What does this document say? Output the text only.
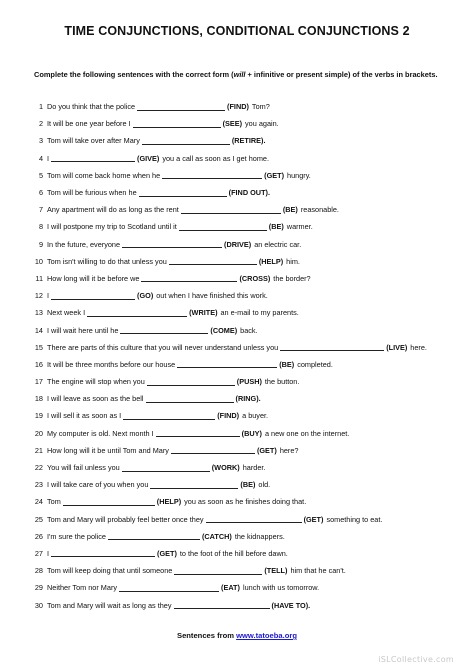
TIME CONJUNCTIONS, CONDITIONAL CONJUNCTIONS 2
Complete the following sentences with the correct form (will + infinitive or present simple) of the verbs in brackets.
1 Do you think that the police	(FIND) Tom?
2 It will be one year before I	(SEE) you again.
3 Tom will take over after Mary	(RETIRE).
4 I	(GIVE) you a call as soon as I get home.
5 Tom will come back home when he	(GET) hungry.
6 Tom will be furious when he	(FIND OUT).
7 Any apartment will do as long as the rent	(BE) reasonable.
8 I will postpone my trip to Scotland until it	(BE) warmer.
9 In the future, everyone	(DRIVE) an electric car.
10 Tom isn't willing to do that unless you	(HELP) him.
11 How long will it be before we	(CROSS) the border?
12 I	(GO) out when I have finished this work.
13 Next week I	(WRITE) an e-mail to my parents.
14 I will wait here until he	(COME) back.
15 There are parts of this culture that you will never understand unless you	(LIVE) here.
16 It will be three months before our house	(BE) completed.
17 The engine will stop when you	(PUSH) the button.
18 I will leave as soon as the bell	(RING).
19 I will sell it as soon as I	(FIND) a buyer.
20 My computer is old. Next month I	(BUY) a new one on the internet.
21 How long will it be until Tom and Mary	(GET) here?
22 You will fail unless you	(WORK) harder.
23 I will take care of you when you	(BE) old.
24 Tom	(HELP) you as soon as he finishes doing that.
25 Tom and Mary will probably feel better once they	(GET) something to eat.
26 I'm sure the police	(CATCH) the kidnappers.
27 I	(GET) to the foot of the hill before dawn.
28 Tom will keep doing that until someone	(TELL) him that he can't.
29 Neither Tom nor Mary	(EAT) lunch with us tomorrow.
30 Tom and Mary will wait as long as they	(HAVE TO).
Sentences from www.tatoeba.org
iSLCollective.com
